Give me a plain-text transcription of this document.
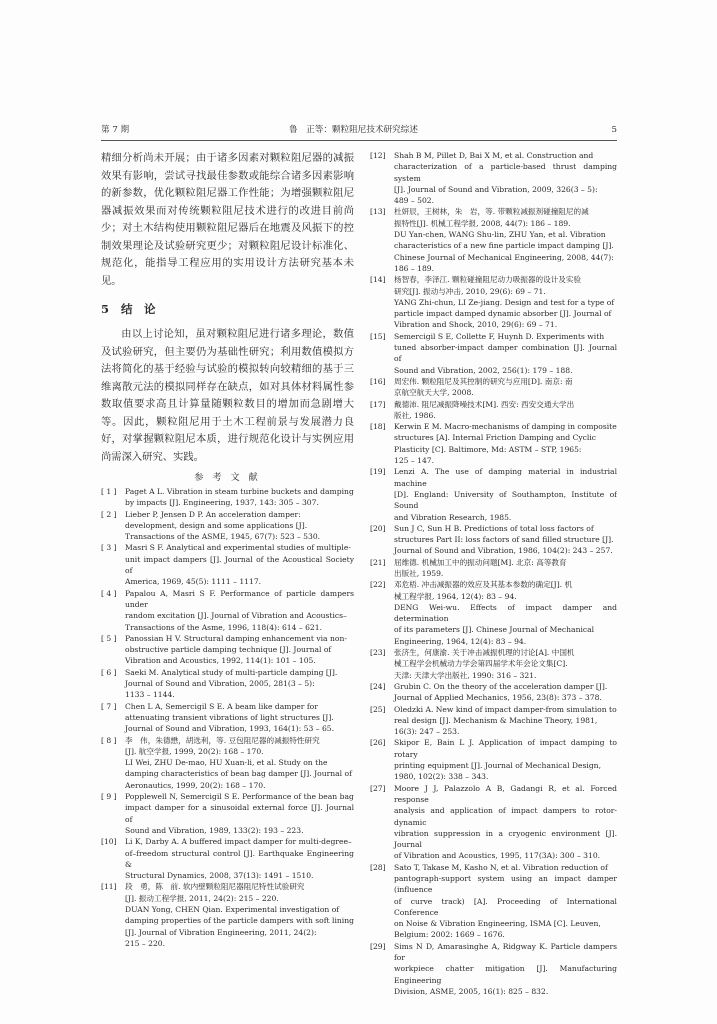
第 7 期	鲁　正等：颗粒阻尼技术研究综述	5

精细分析尚未开展；由于诸多因素对颗粒阻尼器的减振效果有影响，尝试寻找最佳参数或能综合诸多因素影响的新参数，优化颗粒阻尼器工作性能；为增强颗粒阻尼器减振效果而对传统颗粒阻尼技术进行的改进目前尚少；对土木结构使用颗粒阻尼器后在地震及风振下的控制效果理论及试验研究更少；对颗粒阻尼设计标准化、规范化，能指导工程应用的实用设计方法研究基本未见。

5 结　论

由以上讨论知，虽对颗粒阻尼进行诸多理论，数值及试验研究，但主要仍为基础性研究；利用数值模拟方法将简化的基于经验与试验的模拟转向较精细的基于三维离散元法的模拟同样存在缺点，如对具体材料属性参数取值要求高且计算量随颗粒数目的增加而急剧增大等。因此，颗粒阻尼用于土木工程前景与发展潜力良好，对掌握颗粒阻尼本质，进行规范化设计与实例应用尚需深入研究、实践。

参 考 文 献

[ 1 ] Paget A L. Vibration in steam turbine buckets and damping
by impacts [J]. Engineering, 1937, 143: 305 – 307.

[ 2 ] Lieber P, Jensen D P. An acceleration damper:
development, design and some applications [J].
Transactions of the ASME, 1945, 67(7): 523 – 530.

[ 3 ] Masri S F. Analytical and experimental studies of multiple-
unit impact dampers [J]. Journal of the Acoustical Society of
America, 1969, 45(5): 1111 – 1117.

[ 4 ] Papalou A, Masri S F. Performance of particle dampers under
random excitation [J]. Journal of Vibration and Acoustics–
Transactions of the Asme, 1996, 118(4): 614 – 621.

[ 5 ] Panossian H V. Structural damping enhancement via non-
obstructive particle damping technique [J]. Journal of
Vibration and Acoustics, 1992, 114(1): 101 – 105.

[ 6 ] Saeki M. Analytical study of multi-particle damping [J].
Journal of Sound and Vibration, 2005, 281(3 – 5):
1133 – 1144.

[ 7 ] Chen L A, Semercigil S E. A beam like damper for
attenuating transient vibrations of light structures [J].
Journal of Sound and Vibration, 1993, 164(1): 53 – 65.

[ 8 ] 李　伟，朱德懋，胡选利，等. 豆包阻尼器的减振特性研究
[J]. 航空学报, 1999, 20(2): 168 – 170.
LI Wei, ZHU De-mao, HU Xuan-li, et al. Study on the
damping characteristics of bean bag damper [J]. Journal of
Aeronautics, 1999, 20(2): 168 – 170.

[ 9 ] Popplewell N, Semercigil S E. Performance of the bean bag
impact damper for a sinusoidal external force [J]. Journal of
Sound and Vibration, 1989, 133(2): 193 – 223.

[10] Li K, Darby A. A buffered impact damper for multi-degree–
of–freedom structural control [J]. Earthquake Engineering &
Structural Dynamics, 2008, 37(13): 1491 – 1510.

[11] 段　勇，陈　前. 软内壁颗粒阻尼器阻尼特性试验研究
[J]. 振动工程学报, 2011, 24(2): 215 – 220.
DUAN Yong, CHEN Qian. Experimental investigation of
damping properties of the particle dampers with soft lining
[J]. Journal of Vibration Engineering, 2011, 24(2):
215 – 220.

[12] Shah B M, Pillet D, Bai X M, et al. Construction and
characterization of a particle-based thrust damping system
[J]. Journal of Sound and Vibration, 2009, 326(3 – 5):
489 – 502.

[13] 杜妍辰，王树林，朱　岩，等. 带颗粒减振剂碰撞阻尼的减
振特性[J]. 机械工程学报, 2008, 44(7): 186 – 189.
DU Yan-chen, WANG Shu-lin, ZHU Yan, et al. Vibration
characteristics of a new fine particle impact damping [J].
Chinese Journal of Mechanical Engineering, 2008, 44(7):
186 – 189.

[14] 杨智春，李泽江. 颗粒碰撞阻尼动力吸振器的设计及实验
研究[J]. 振动与冲击, 2010, 29(6): 69 – 71.
YANG Zhi-chun, LI Ze-jiang. Design and test for a type of
particle impact damped dynamic absorber [J]. Journal of
Vibration and Shock, 2010, 29(6): 69 – 71.

[15] Semercigil S E, Collette F, Huynh D. Experiments with
tuned absorber-impact damper combination [J]. Journal of
Sound and Vibration, 2002, 256(1): 179 – 188.

[16] 周宏伟. 颗粒阻尼及其控制的研究与应用[D]. 南京: 南
京航空航天大学, 2008.

[17] 戴德沛. 阻尼减振降噪技术[M]. 西安: 西安交通大学出
版社, 1986.

[18] Kerwin E M. Macro-mechanisms of damping in composite
structures [A]. Internal Friction Damping and Cyclic
Plasticity [C]. Baltimore, Md: ASTM – STP, 1965:
125 – 147.

[19] Lenzi A. The use of damping material in industrial machine
[D]. England: University of Southampton, Institute of Sound
and Vibration Research, 1985.

[20] Sun J C, Sun H B. Predictions of total loss factors of
structures Part II: loss factors of sand filled structure [J].
Journal of Sound and Vibration, 1986, 104(2): 243 – 257.

[21] 屈维德. 机械加工中的振动问题[M]. 北京: 高等教育
出版社, 1959.

[22] 邓危梧. 冲击减振器的效应及其基本参数的确定[J]. 机
械工程学报, 1964, 12(4): 83 – 94.
DENG Wei-wu. Effects of impact damper and determination
of its parameters [J]. Chinese Journal of Mechanical
Engineering, 1964, 12(4): 83 – 94.

[23] 张济生，何康渝. 关于冲击减振机理的讨论[A]. 中国机
械工程学会机械动力学会第四届学术年会论文集[C].
天津: 天津大学出版社, 1990: 316 – 321.

[24] Grubin C. On the theory of the acceleration damper [J].
Journal of Applied Mechanics, 1956, 23(8): 373 – 378.

[25] Oledzki A. New kind of impact damper-from simulation to
real design [J]. Mechanism & Machine Theory, 1981,
16(3): 247 – 253.

[26] Skipor E, Bain L J. Application of impact damping to rotary
printing equipment [J]. Journal of Mechanical Design,
1980, 102(2): 338 – 343.

[27] Moore J J, Palazzolo A B, Gadangi R, et al. Forced response
analysis and application of impact dampers to rotor-dynamic
vibration suppression in a cryogenic environment [J]. Journal
of Vibration and Acoustics, 1995, 117(3A): 300 – 310.

[28] Sato T, Takase M, Kasho N, et al. Vibration reduction of
pantograph-support system using an impact damper (influence
of curve track) [A]. Proceeding of International Conference
on Noise & Vibration Engineering, ISMA [C]. Leuven,
Belgium: 2002: 1669 – 1676.

[29] Sims N D, Amarasinghe A, Ridgway K. Particle dampers for
workpiece chatter mitigation [J]. Manufacturing Engineering
Division, ASME, 2005, 16(1): 825 – 832.
